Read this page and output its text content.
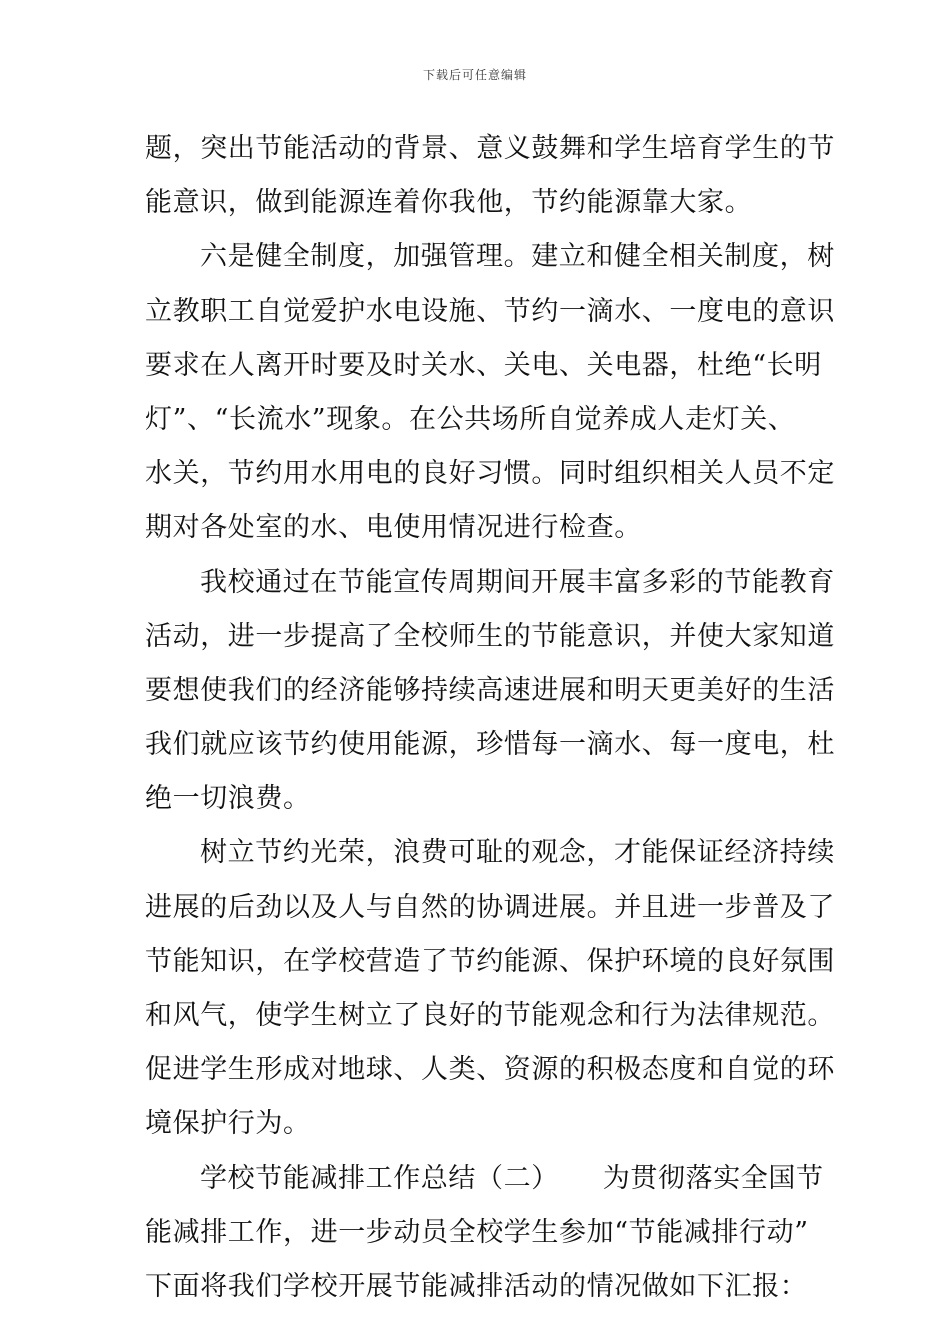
下载后可任意编辑
题，突出节能活动的背景、意义鼓舞和学生培育学生的节
能意识，做到能源连着你我他，节约能源靠大家。
六是健全制度，加强管理。建立和健全相关制度，树
立教职工自觉爱护水电设施、节约一滴水、一度电的意识
要求在人离开时要及时关水、关电、关电器，杜绝“长明
灯”、“长流水”现象。在公共场所自觉养成人走灯关、
水关，节约用水用电的良好习惯。同时组织相关人员不定
期对各处室的水、电使用情况进行检查。
我校通过在节能宣传周期间开展丰富多彩的节能教育
活动，进一步提高了全校师生的节能意识，并使大家知道
要想使我们的经济能够持续高速进展和明天更美好的生活
我们就应该节约使用能源，珍惜每一滴水、每一度电，杜
绝一切浪费。
树立节约光荣，浪费可耻的观念，才能保证经济持续
进展的后劲以及人与自然的协调进展。并且进一步普及了
节能知识，在学校营造了节约能源、保护环境的良好氛围
和风气，使学生树立了良好的节能观念和行为法律规范。
促进学生形成对地球、人类、资源的积极态度和自觉的环
境保护行为。
学校节能减排工作总结（二） 为贯彻落实全国节
能减排工作，进一步动员全校学生参加“节能减排行动”
下面将我们学校开展节能减排活动的情况做如下汇报：
